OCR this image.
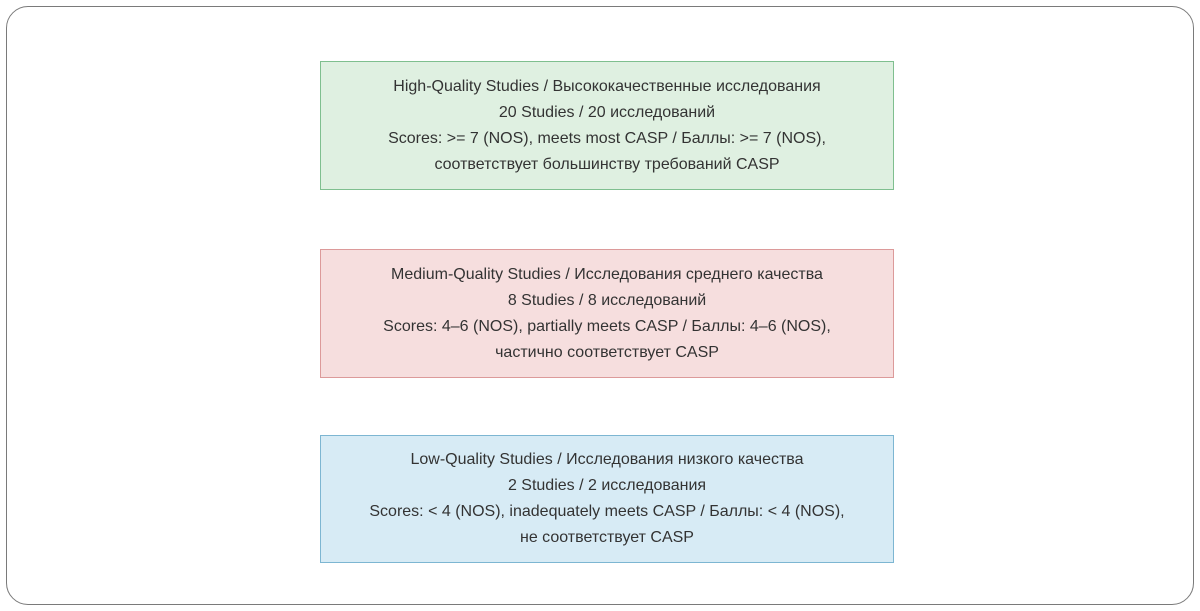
High-Quality Studies / Высококачественные исследования
20 Studies / 20 исследований
Scores: >= 7 (NOS), meets most CASP / Баллы: >= 7 (NOS),
соответствует большинству требований CASP
Medium-Quality Studies / Исследования среднего качества
8 Studies / 8 исследований
Scores: 4–6 (NOS), partially meets CASP / Баллы: 4–6 (NOS),
частично соответствует CASP
Low-Quality Studies / Исследования низкого качества
2 Studies / 2 исследования
Scores: < 4 (NOS), inadequately meets CASP / Баллы: < 4 (NOS),
не соответствует CASP
